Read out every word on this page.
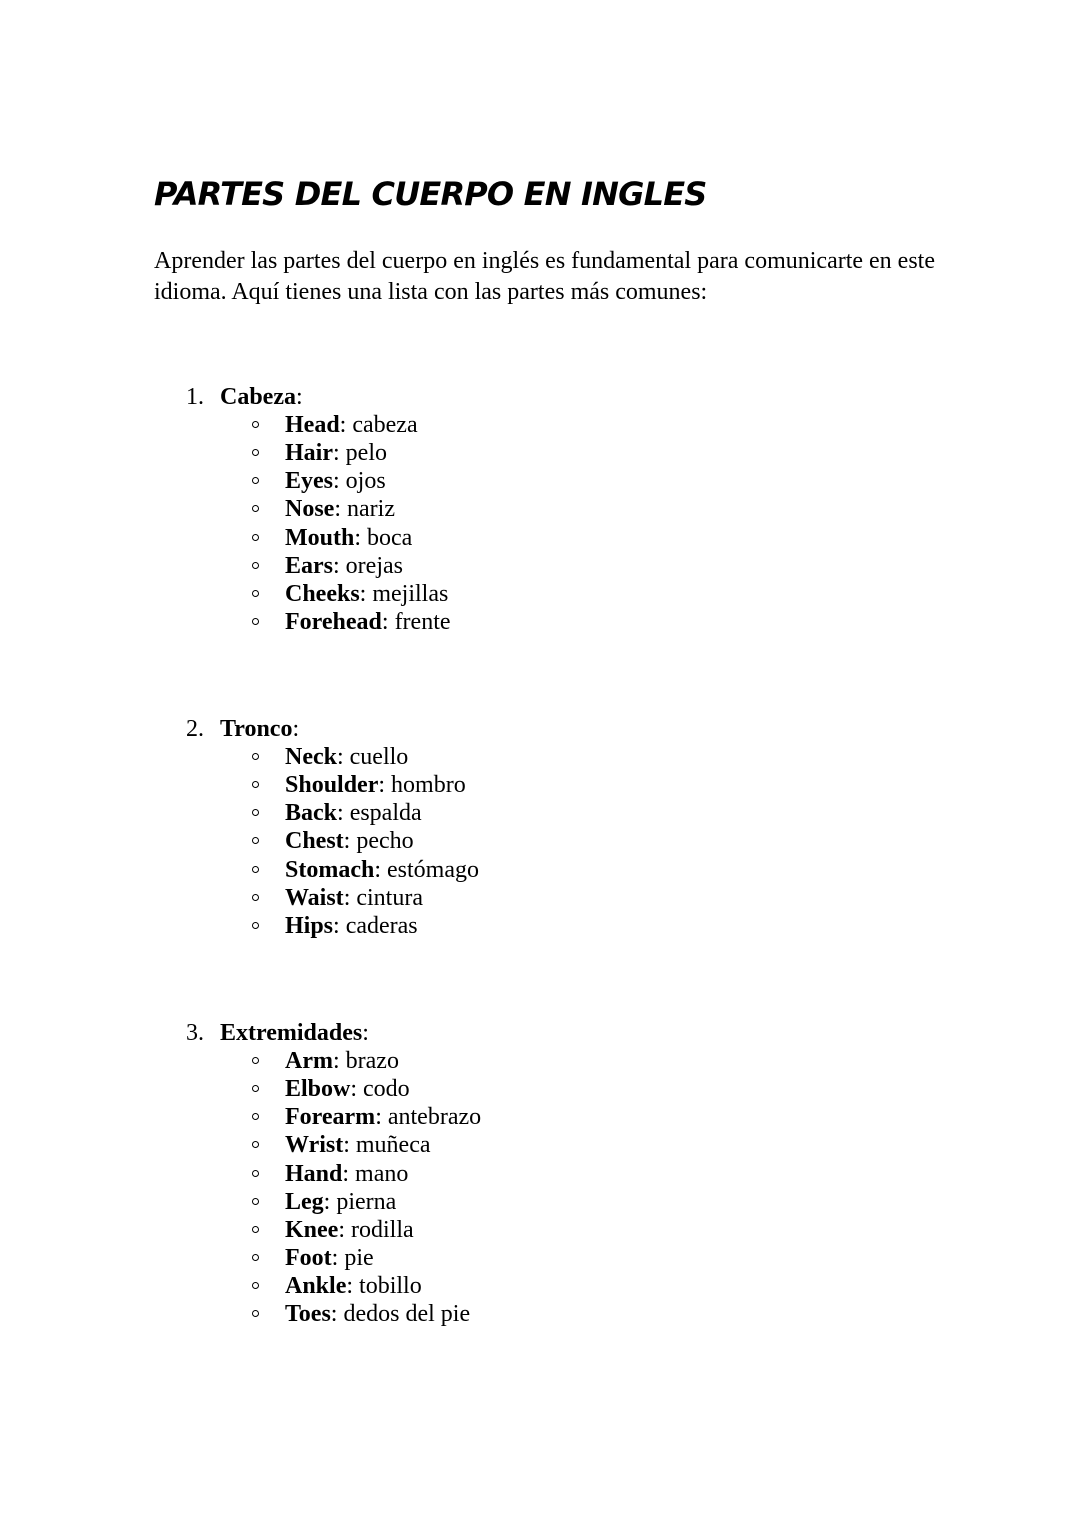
PARTES DEL CUERPO EN INGLES

Aprender las partes del cuerpo en inglés es fundamental para comunicarte en este idioma. Aquí tienes una lista con las partes más comunes:

1. Cabeza:
Head: cabeza
Hair: pelo
Eyes: ojos
Nose: nariz
Mouth: boca
Ears: orejas
Cheeks: mejillas
Forehead: frente
2. Tronco:
Neck: cuello
Shoulder: hombro
Back: espalda
Chest: pecho
Stomach: estómago
Waist: cintura
Hips: caderas
3. Extremidades:
Arm: brazo
Elbow: codo
Forearm: antebrazo
Wrist: muñeca
Hand: mano
Leg: pierna
Knee: rodilla
Foot: pie
Ankle: tobillo
Toes: dedos del pie
